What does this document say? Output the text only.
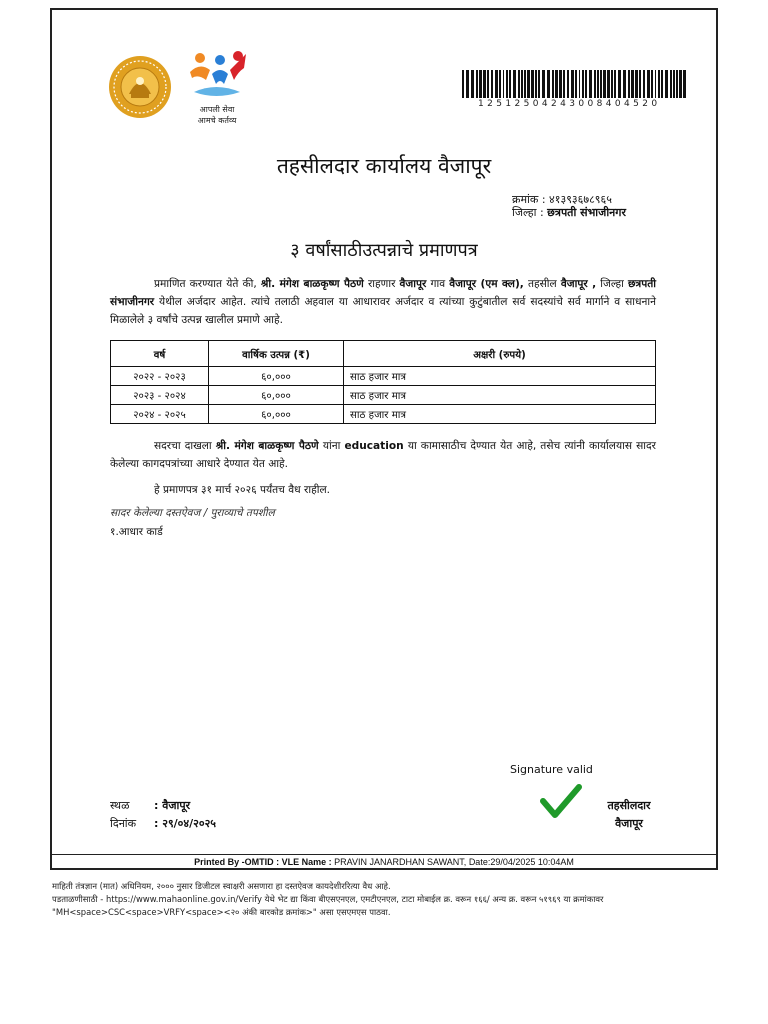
आपली सेवा
आमचे कर्तव्य
12512504243008404520
तहसीलदार कार्यालय वैजापूर
क्रमांक : ४१३९३६७८९६५
जिल्हा : छत्रपती संभाजीनगर
३ वर्षांसाठीउत्पन्नाचे प्रमाणपत्र
प्रमाणित करण्यात येते की, श्री. मंगेश बाळकृष्ण पैठणे राहणार वैजापूर गाव वैजापूर (एम क्ल), तहसील वैजापूर , जिल्हा छत्रपती संभाजीनगर येथील अर्जदार आहेत. त्यांचे तलाठी अहवाल या आधारावर अर्जदार व त्यांच्या कुटुंबातील सर्व सदस्यांचे सर्व मार्गाने व साधनाने मिळालेले ३ वर्षांचे उत्पन्न खालील प्रमाणे आहे.
वर्ष	वार्षिक उत्पन्न (₹)	अक्षरी (रुपये)
२०२२ - २०२३	६०,०००	साठ हजार मात्र
२०२३ - २०२४	६०,०००	साठ हजार मात्र
२०२४ - २०२५	६०,०००	साठ हजार मात्र
सदरचा दाखला श्री. मंगेश बाळकृष्ण पैठणे यांना education या कामासाठीच देण्यात येत आहे, तसेच त्यांनी कार्यालयास सादर केलेल्या कागदपत्रांच्या आधारे देण्यात येत आहे.
हे प्रमाणपत्र ३१ मार्च २०२६ पर्यंतच वैध राहील.
सादर केलेल्या दस्तऐवज / पुराव्याचे तपशील
१.आधार कार्ड
Signature valid
तहसीलदार
वैजापूर
स्थळ : वैजापूर
दिनांक : २९/०४/२०२५
Printed By -OMTID : VLE Name : PRAVIN JANARDHAN SAWANT, Date:29/04/2025 10:04AM
माहिती तंत्रज्ञान (मात) अधिनियम, २००० नुसार डिजीटल स्वाक्षरी असणारा हा दस्तऐवज कायदेशीररित्या वैध आहे.
पडताळणीसाठी - https://www.mahaonline.gov.in/Verify येथे भेट द्या किंवा बीएसएनएल, एमटीएनएल, टाटा मोबाईल क्र. वरून १६६/ अन्य क्र. वरून ५१९६९ या क्रमांकावर "MH<space>CSC<space>VRFY<space><२० अंकी बारकोड क्रमांक>" असा एसएमएस पाठवा.
